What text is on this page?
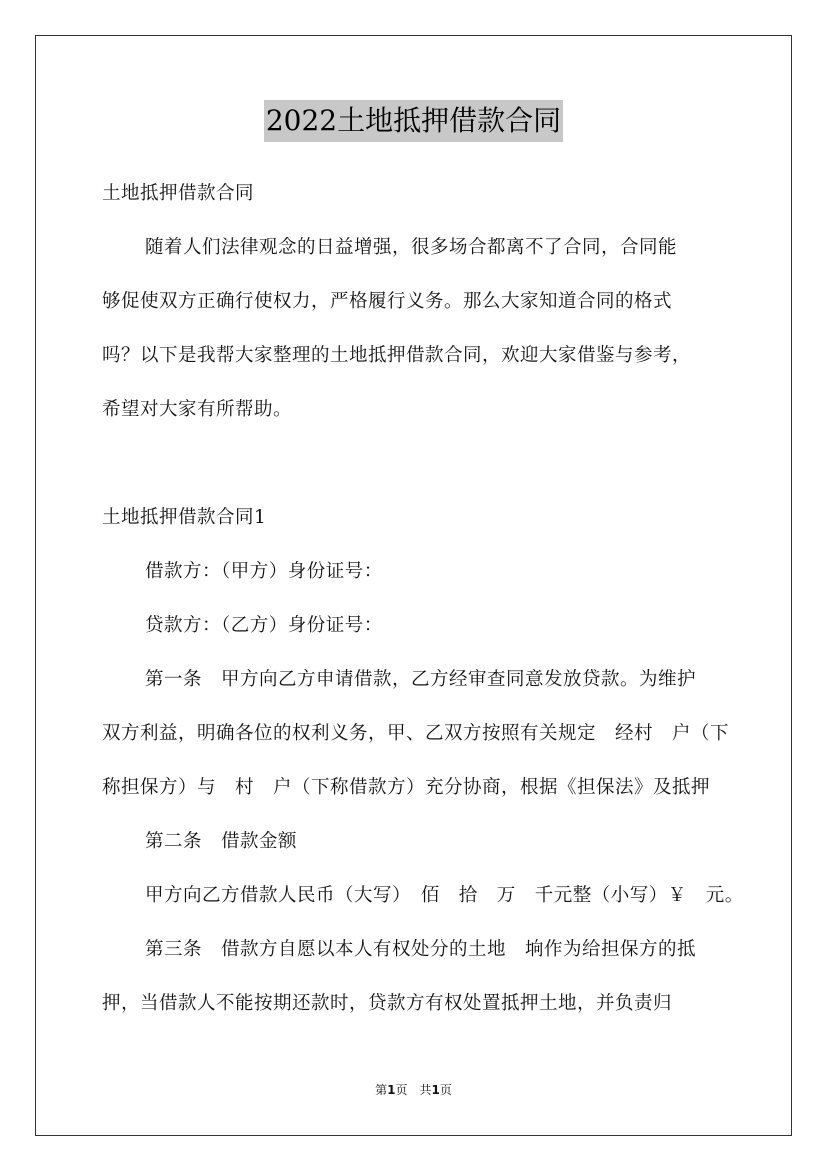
2022土地抵押借款合同
土地抵押借款合同
随着人们法律观念的日益增强，很多场合都离不了合同，合同能
够促使双方正确行使权力，严格履行义务。那么大家知道合同的格式
吗？以下是我帮大家整理的土地抵押借款合同，欢迎大家借鉴与参考，
希望对大家有所帮助。
土地抵押借款合同1
借款方：（甲方）身份证号：
贷款方：（乙方）身份证号：
第一条　甲方向乙方申请借款，乙方经审查同意发放贷款。为维护
双方利益，明确各位的权利义务，甲、乙双方按照有关规定　经村　户（下
称担保方）与　村　户（下称借款方）充分协商，根据《担保法》及抵押
第二条　借款金额
甲方向乙方借款人民币（大写）　佰　拾　万　千元整（小写）￥　元。
第三条　借款方自愿以本人有权处分的土地　垧作为给担保方的抵
押，当借款人不能按期还款时，贷款方有权处置抵押土地，并负责归
第1页　共1页
